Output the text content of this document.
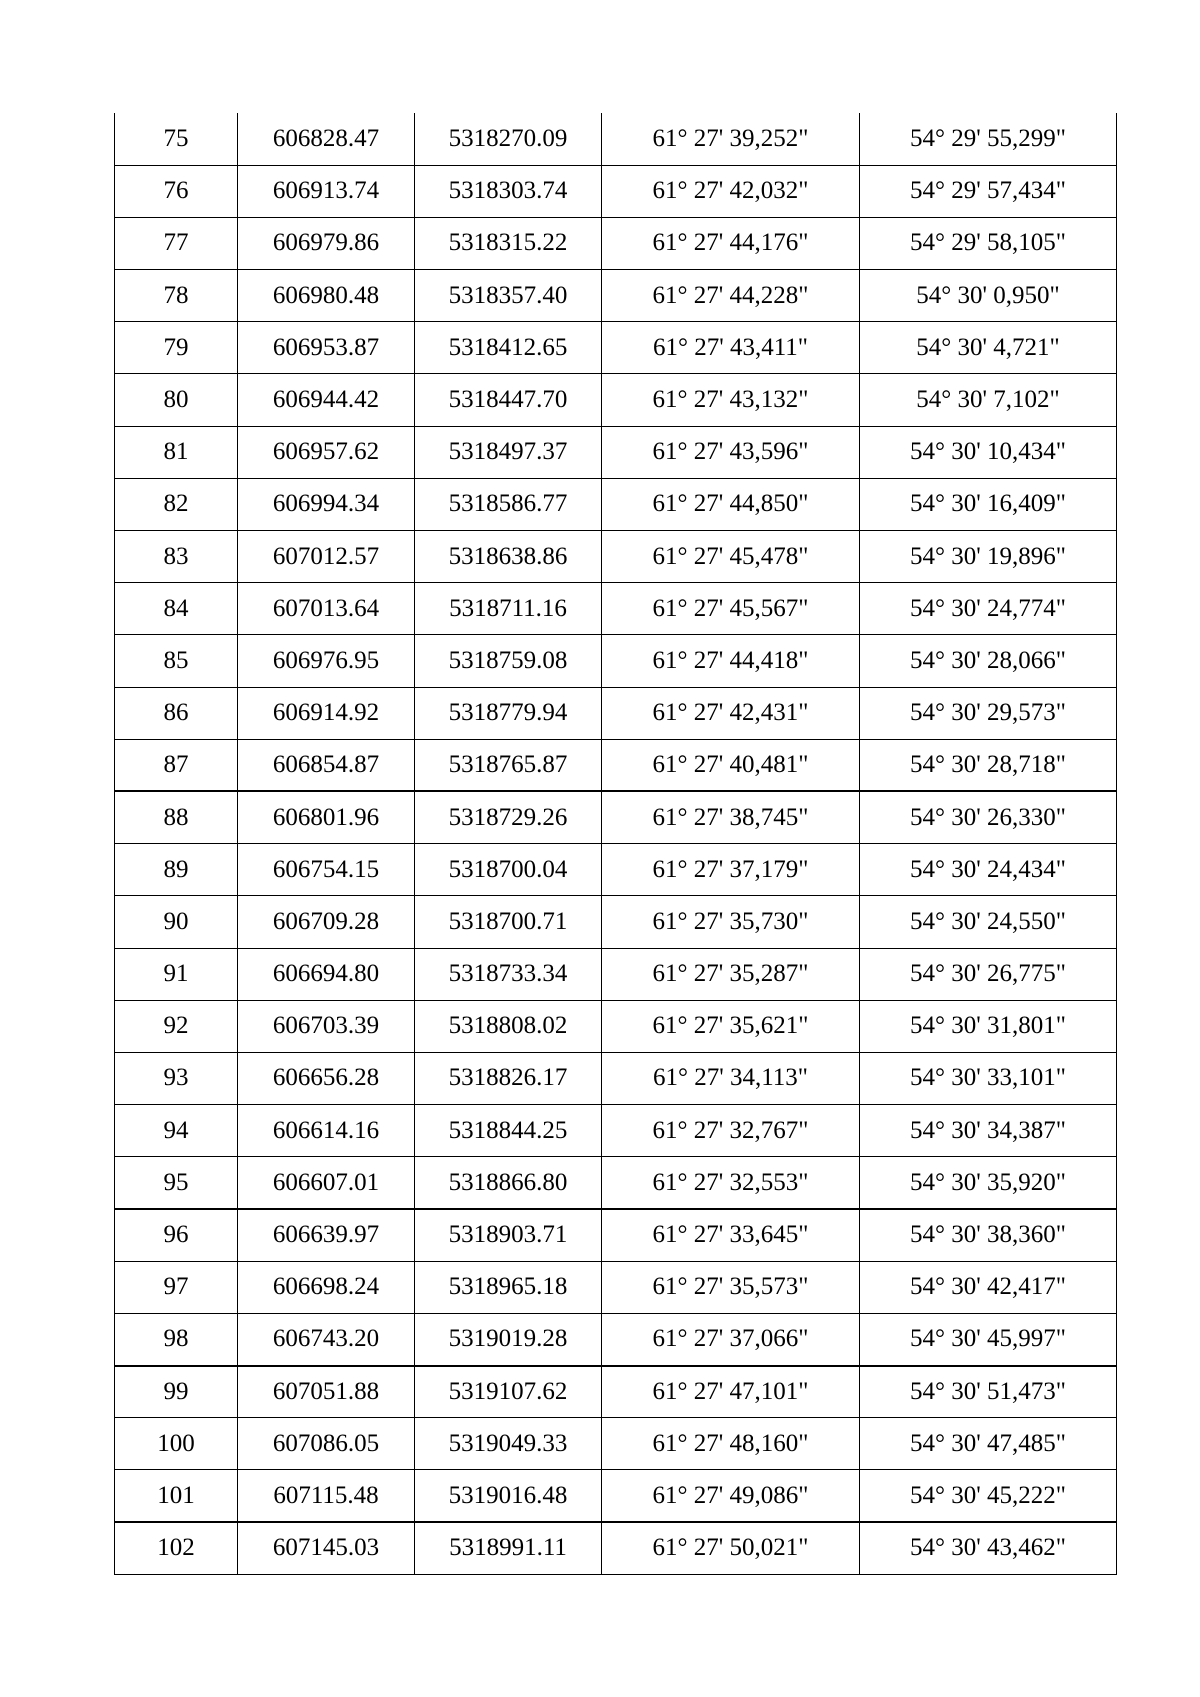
75	606828.47	5318270.09	61° 27' 39,252"	54° 29' 55,299"
76	606913.74	5318303.74	61° 27' 42,032"	54° 29' 57,434"
77	606979.86	5318315.22	61° 27' 44,176"	54° 29' 58,105"
78	606980.48	5318357.40	61° 27' 44,228"	54° 30' 0,950"
79	606953.87	5318412.65	61° 27' 43,411"	54° 30' 4,721"
80	606944.42	5318447.70	61° 27' 43,132"	54° 30' 7,102"
81	606957.62	5318497.37	61° 27' 43,596"	54° 30' 10,434"
82	606994.34	5318586.77	61° 27' 44,850"	54° 30' 16,409"
83	607012.57	5318638.86	61° 27' 45,478"	54° 30' 19,896"
84	607013.64	5318711.16	61° 27' 45,567"	54° 30' 24,774"
85	606976.95	5318759.08	61° 27' 44,418"	54° 30' 28,066"
86	606914.92	5318779.94	61° 27' 42,431"	54° 30' 29,573"
87	606854.87	5318765.87	61° 27' 40,481"	54° 30' 28,718"
88	606801.96	5318729.26	61° 27' 38,745"	54° 30' 26,330"
89	606754.15	5318700.04	61° 27' 37,179"	54° 30' 24,434"
90	606709.28	5318700.71	61° 27' 35,730"	54° 30' 24,550"
91	606694.80	5318733.34	61° 27' 35,287"	54° 30' 26,775"
92	606703.39	5318808.02	61° 27' 35,621"	54° 30' 31,801"
93	606656.28	5318826.17	61° 27' 34,113"	54° 30' 33,101"
94	606614.16	5318844.25	61° 27' 32,767"	54° 30' 34,387"
95	606607.01	5318866.80	61° 27' 32,553"	54° 30' 35,920"
96	606639.97	5318903.71	61° 27' 33,645"	54° 30' 38,360"
97	606698.24	5318965.18	61° 27' 35,573"	54° 30' 42,417"
98	606743.20	5319019.28	61° 27' 37,066"	54° 30' 45,997"
99	607051.88	5319107.62	61° 27' 47,101"	54° 30' 51,473"
100	607086.05	5319049.33	61° 27' 48,160"	54° 30' 47,485"
101	607115.48	5319016.48	61° 27' 49,086"	54° 30' 45,222"
102	607145.03	5318991.11	61° 27' 50,021"	54° 30' 43,462"
